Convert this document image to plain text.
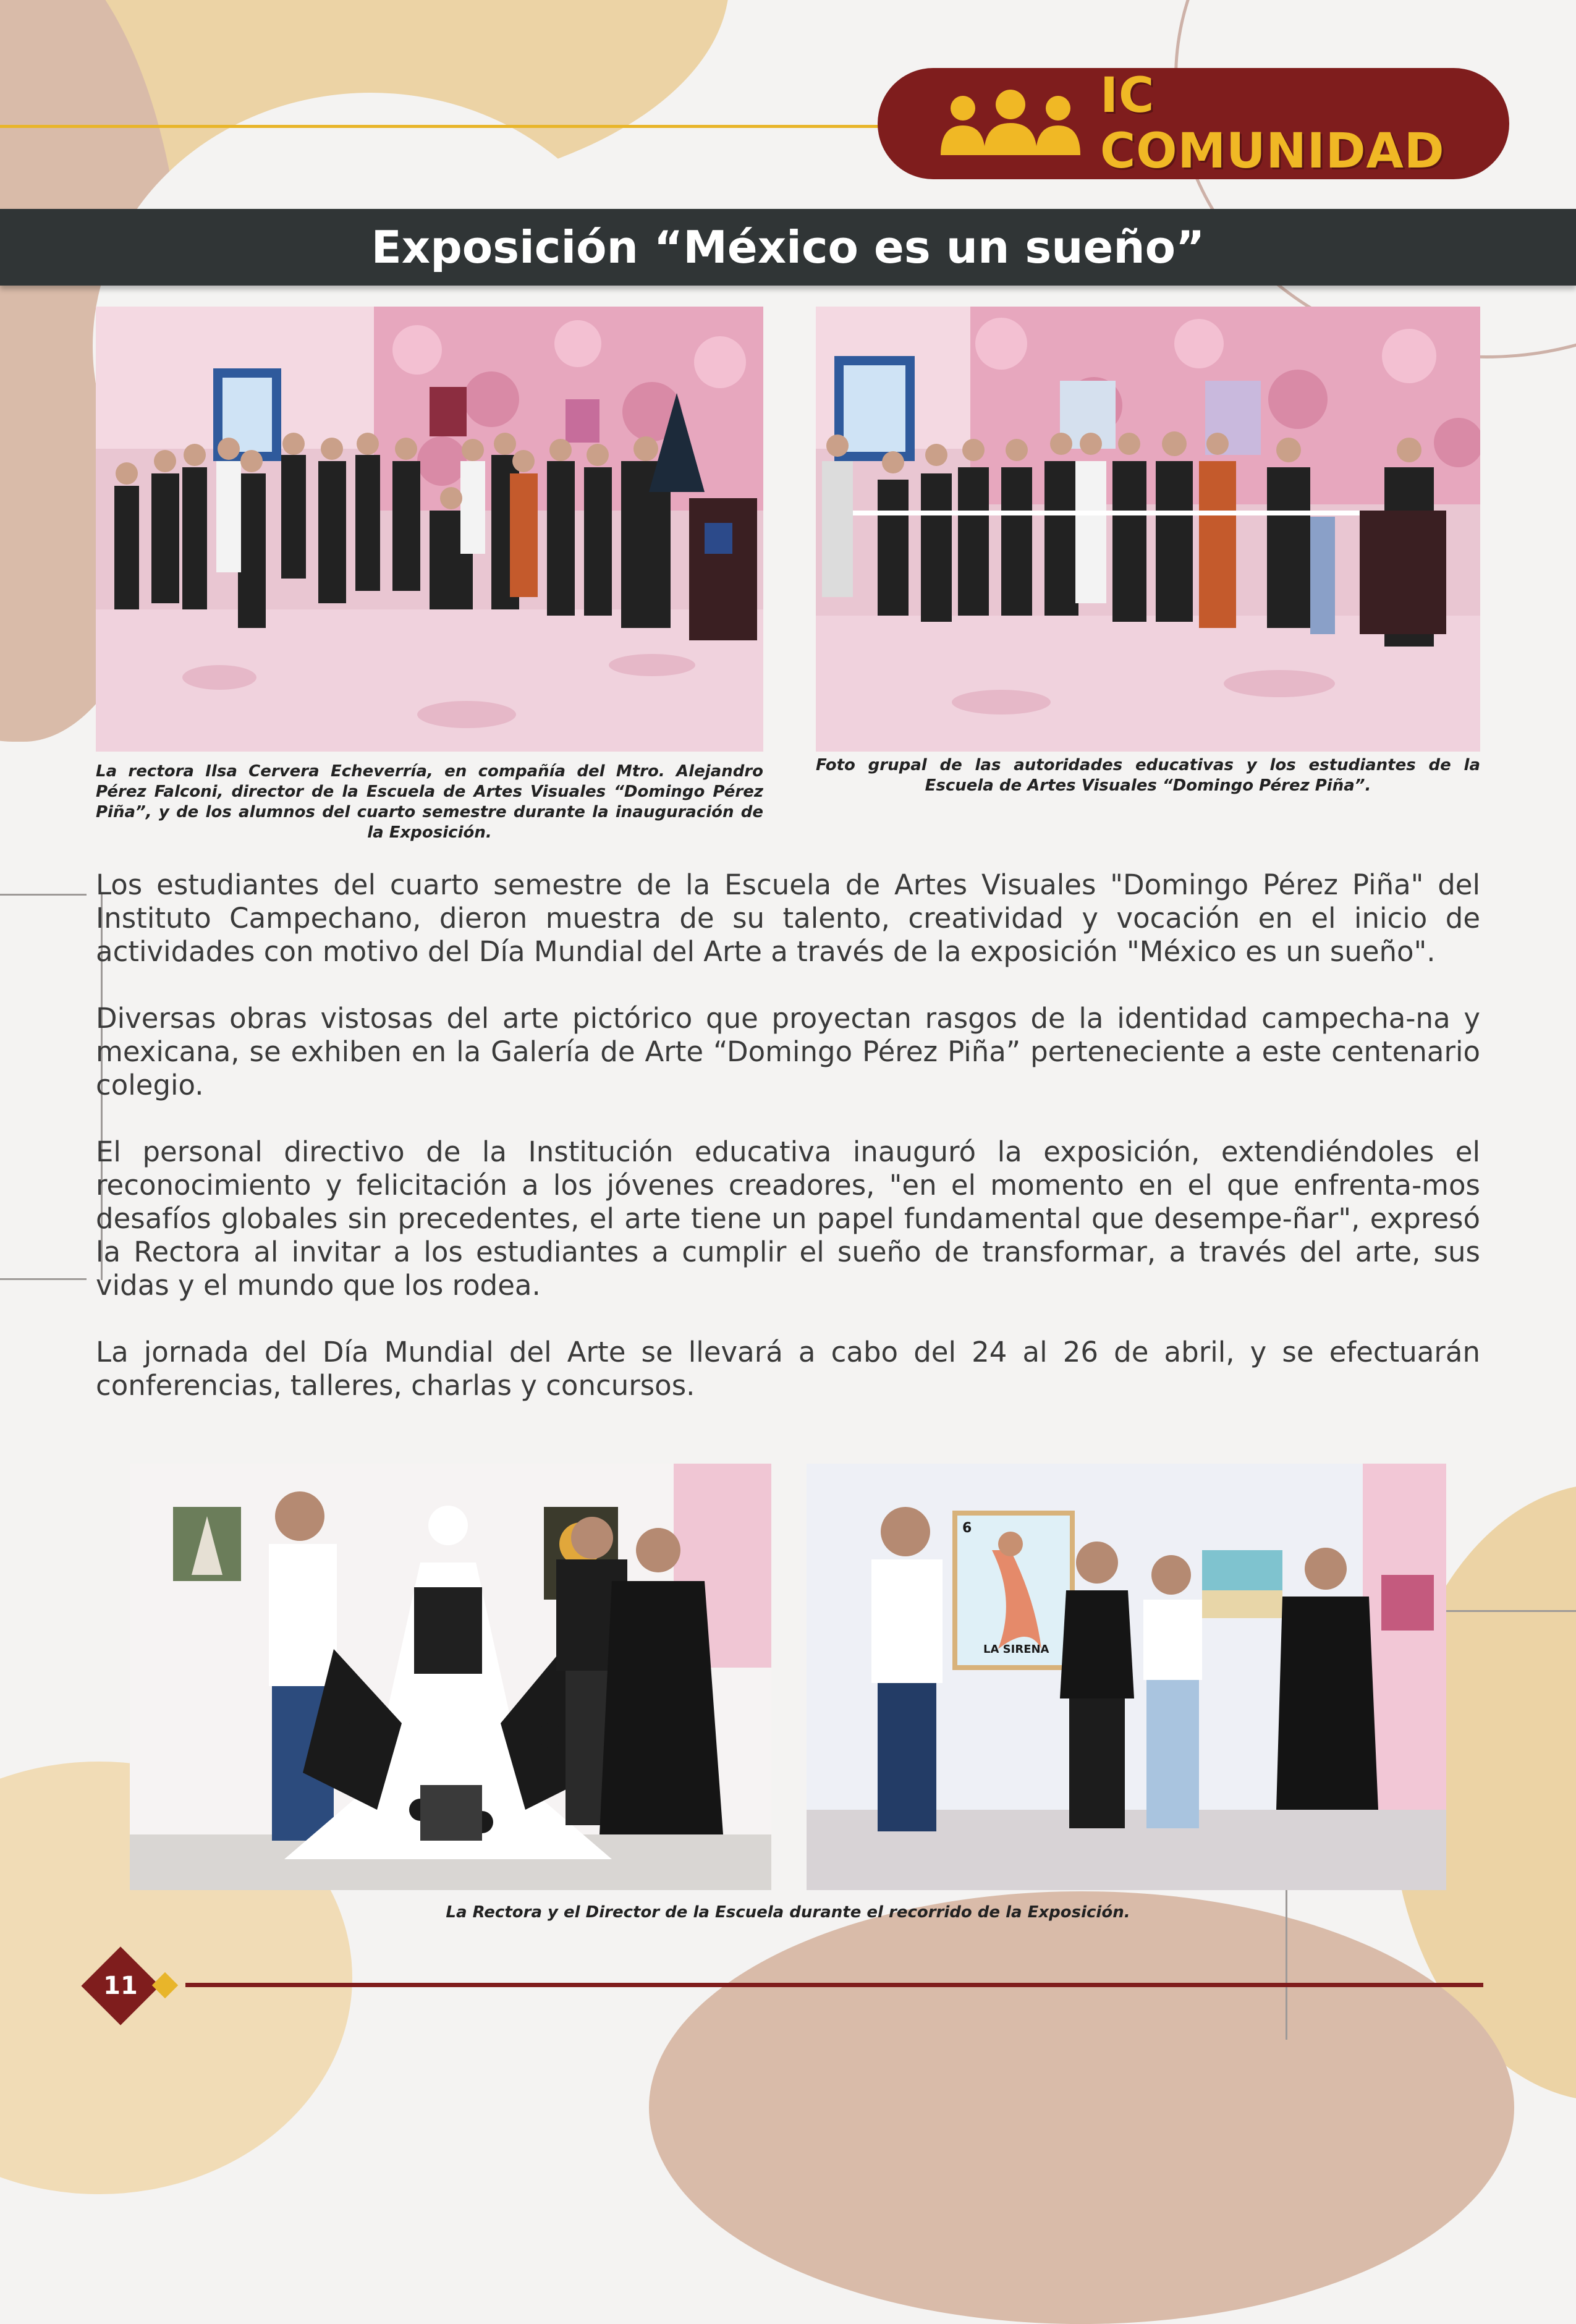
IC COMUNIDAD
Exposición “México es un sueño”
La rectora Ilsa Cervera Echeverría, en compañía del Mtro. Alejandro Pérez Falconi, director de la Escuela de Artes Visuales “Domingo Pérez Piña”, y de los alumnos del cuarto semestre durante la inauguración de la Exposición.
Foto grupal de las autoridades educativas y los estudiantes de la Escuela de Artes Visuales “Domingo Pérez Piña”.

Los estudiantes del cuarto semestre de la Escuela de Artes Visuales "Domingo Pérez Piña" del Instituto Campechano, dieron muestra de su talento, creatividad y vocación en el inicio de actividades con motivo del Día Mundial del Arte a través de la exposición "México es un sueño".

Diversas obras vistosas del arte pictórico que proyectan rasgos de la identidad campecha-na y mexicana, se exhiben en la Galería de Arte “Domingo Pérez Piña” perteneciente a este centenario colegio.

El personal directivo de la Institución educativa inauguró la exposición, extendiéndoles el reconocimiento y felicitación a los jóvenes creadores, "en el momento en el que enfrenta-mos desafíos globales sin precedentes, el arte tiene un papel fundamental que desempe-ñar", expresó la Rectora al invitar a los estudiantes a cumplir el sueño de transformar, a través del arte, sus vidas y el mundo que los rodea.

La jornada del Día Mundial del Arte se llevará a cabo del 24 al 26 de abril, y se efectuarán conferencias, talleres, charlas y concursos.

LA SIRENA
6
La Rectora y el Director de la Escuela durante el recorrido de la Exposición.
11
